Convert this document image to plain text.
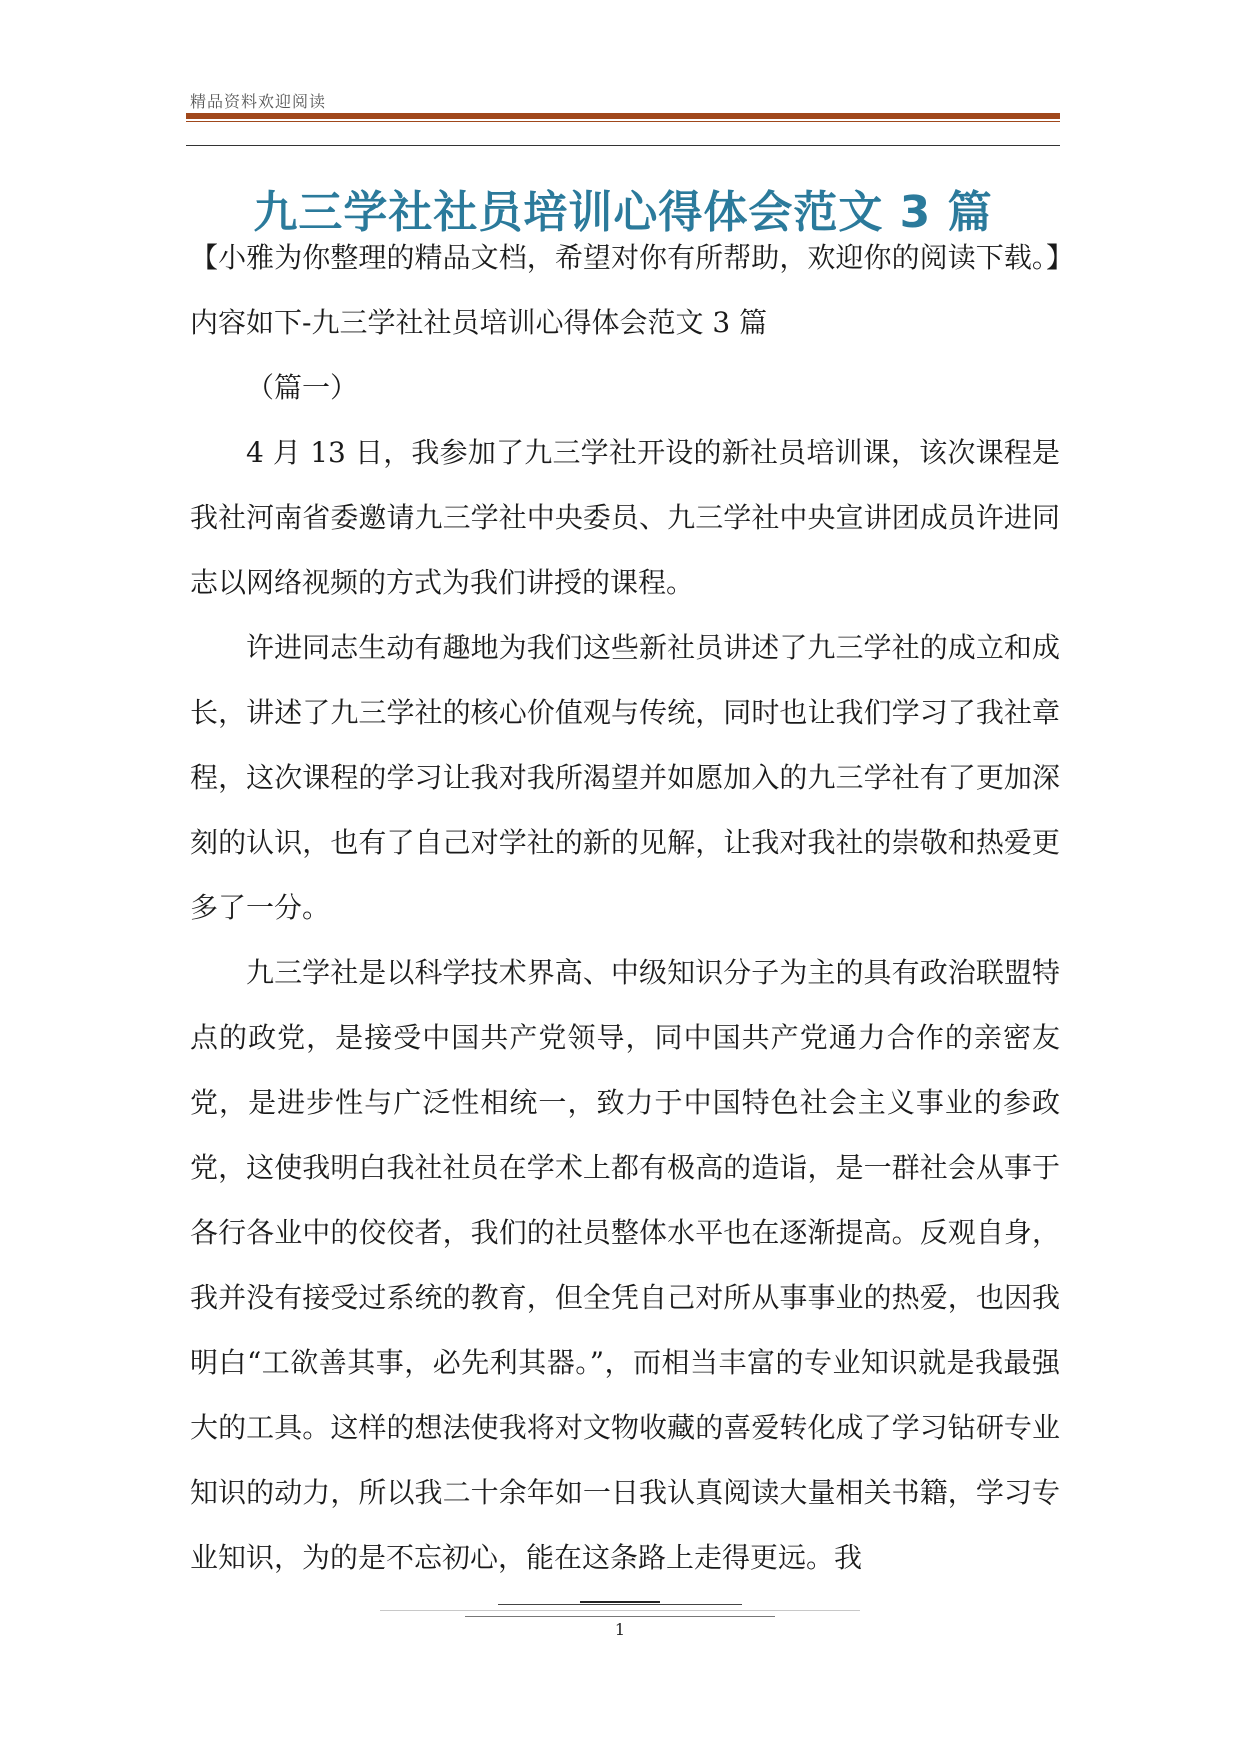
精品资料欢迎阅读
九三学社社员培训心得体会范文 3 篇

【小雅为你整理的精品文档，希望对你有所帮助，欢迎你的阅读下载。】内容如下-九三学社社员培训心得体会范文 3 篇

（篇一）

4 月 13 日，我参加了九三学社开设的新社员培训课，该次课程是我社河南省委邀请九三学社中央委员、九三学社中央宣讲团成员许进同志以网络视频的方式为我们讲授的课程。

许进同志生动有趣地为我们这些新社员讲述了九三学社的成立和成长，讲述了九三学社的核心价值观与传统，同时也让我们学习了我社章程，这次课程的学习让我对我所渴望并如愿加入的九三学社有了更加深刻的认识，也有了自己对学社的新的见解，让我对我社的崇敬和热爱更多了一分。

九三学社是以科学技术界高、中级知识分子为主的具有政治联盟特点的政党，是接受中国共产党领导，同中国共产党通力合作的亲密友党，是进步性与广泛性相统一，致力于中国特色社会主义事业的参政党，这使我明白我社社员在学术上都有极高的造诣，是一群社会从事于各行各业中的佼佼者，我们的社员整体水平也在逐渐提高。反观自身，我并没有接受过系统的教育，但全凭自己对所从事事业的热爱，也因我明白“工欲善其事，必先利其器。”，而相当丰富的专业知识就是我最强大的工具。这样的想法使我将对文物收藏的喜爱转化成了学习钻研专业知识的动力，所以我二十余年如一日我认真阅读大量相关书籍，学习专业知识，为的是不忘初心，能在这条路上走得更远。我

1
